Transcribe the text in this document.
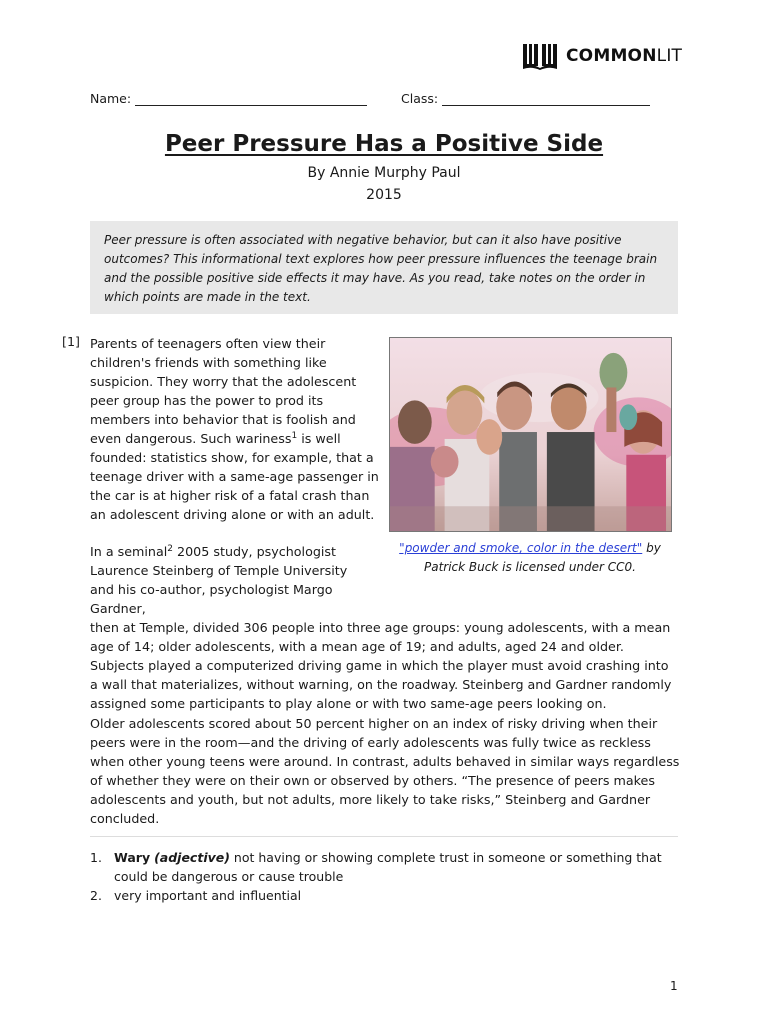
COMMONLIT
Name:	Class:
Peer Pressure Has a Positive Side
By Annie Murphy Paul
2015
Peer pressure is often associated with negative behavior, but can it also have positive outcomes? This informational text explores how peer pressure influences the teenage brain and the possible positive side effects it may have. As you read, take notes on the order in which points are made in the text.
[1] Parents of teenagers often view their children's friends with something like suspicion. They worry that the adolescent peer group has the power to prod its members into behavior that is foolish and even dangerous. Such wariness$^1$ is well founded: statistics show, for example, that a teenage driver with a same-age passenger in the car is at higher risk of a fatal crash than an adolescent driving alone or with an adult.
"powder and smoke, color in the desert" by
Patrick Buck is licensed under CC0.
In a seminal$^2$ 2005 study, psychologist Laurence Steinberg of Temple University and his co-author, psychologist Margo Gardner,
then at Temple, divided 306 people into three age groups: young adolescents, with a mean age of 14; older adolescents, with a mean age of 19; and adults, aged 24 and older. Subjects played a computerized driving game in which the player must avoid crashing into a wall that materializes, without warning, on the roadway. Steinberg and Gardner randomly assigned some participants to play alone or with two same-age peers looking on.
Older adolescents scored about 50 percent higher on an index of risky driving when their peers were in the room—and the driving of early adolescents was fully twice as reckless when other young teens were around. In contrast, adults behaved in similar ways regardless of whether they were on their own or observed by others. “The presence of peers makes adolescents and youth, but not adults, more likely to take risks,” Steinberg and Gardner concluded.
1. Wary (adjective) not having or showing complete trust in someone or something that could be dangerous or cause trouble
2. very important and influential
1
